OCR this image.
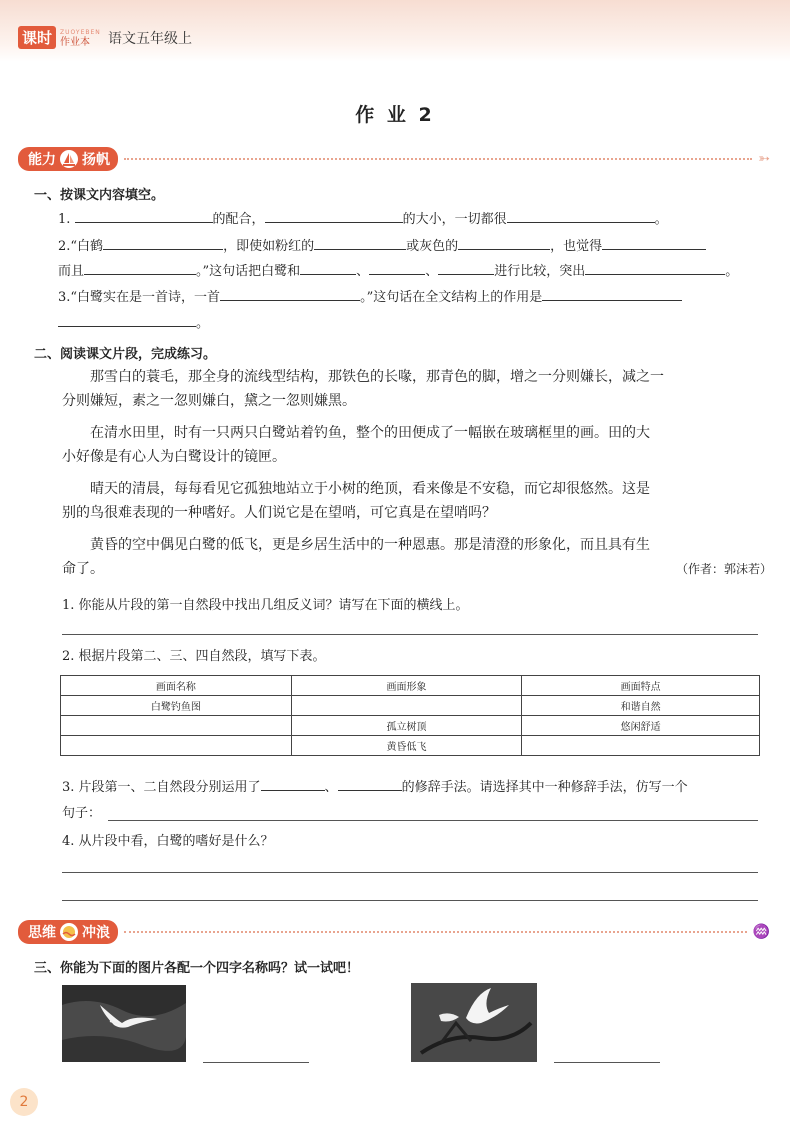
课时	ZUOYEBEN
作业本	语文五年级上
作 业 2
能力 扬帆	➳
一、按课文内容填空。
1.	的配合，	的大小，一切都很	。
2.“白鹤	，即使如粉红的	或灰色的	，也觉得
而且	。”这句话把白鹭和	、	、	进行比较，突出	。
3.“白鹭实在是一首诗，一首	。”这句话在全文结构上的作用是
。
二、阅读课文片段，完成练习。
那雪白的蓑毛，那全身的流线型结构，那铁色的长喙，那青色的脚，增之一分则嫌长，减之一
分则嫌短，素之一忽则嫌白，黛之一忽则嫌黑。
在清水田里，时有一只两只白鹭站着钓鱼，整个的田便成了一幅嵌在玻璃框里的画。田的大
小好像是有心人为白鹭设计的镜匣。
晴天的清晨，每每看见它孤独地站立于小树的绝顶，看来像是不安稳，而它却很悠然。这是
别的鸟很难表现的一种嗜好。人们说它是在望哨，可它真是在望哨吗？
黄昏的空中偶见白鹭的低飞，更是乡居生活中的一种恩惠。那是清澄的形象化，而且具有生
命了。	（作者：郭沫若）
1. 你能从片段的第一自然段中找出几组反义词？请写在下面的横线上。
2. 根据片段第二、三、四自然段，填写下表。
画面名称	画面形象	画面特点
白鹭钓鱼图		和谐自然
	孤立树顶	悠闲舒适
	黄昏低飞	
3. 片段第一、二自然段分别运用了	、	的修辞手法。请选择其中一种修辞手法，仿写一个
句子：
4. 从片段中看，白鹭的嗜好是什么？
思维 冲浪	♒
三、你能为下面的图片各配一个四字名称吗？试一试吧！
2
